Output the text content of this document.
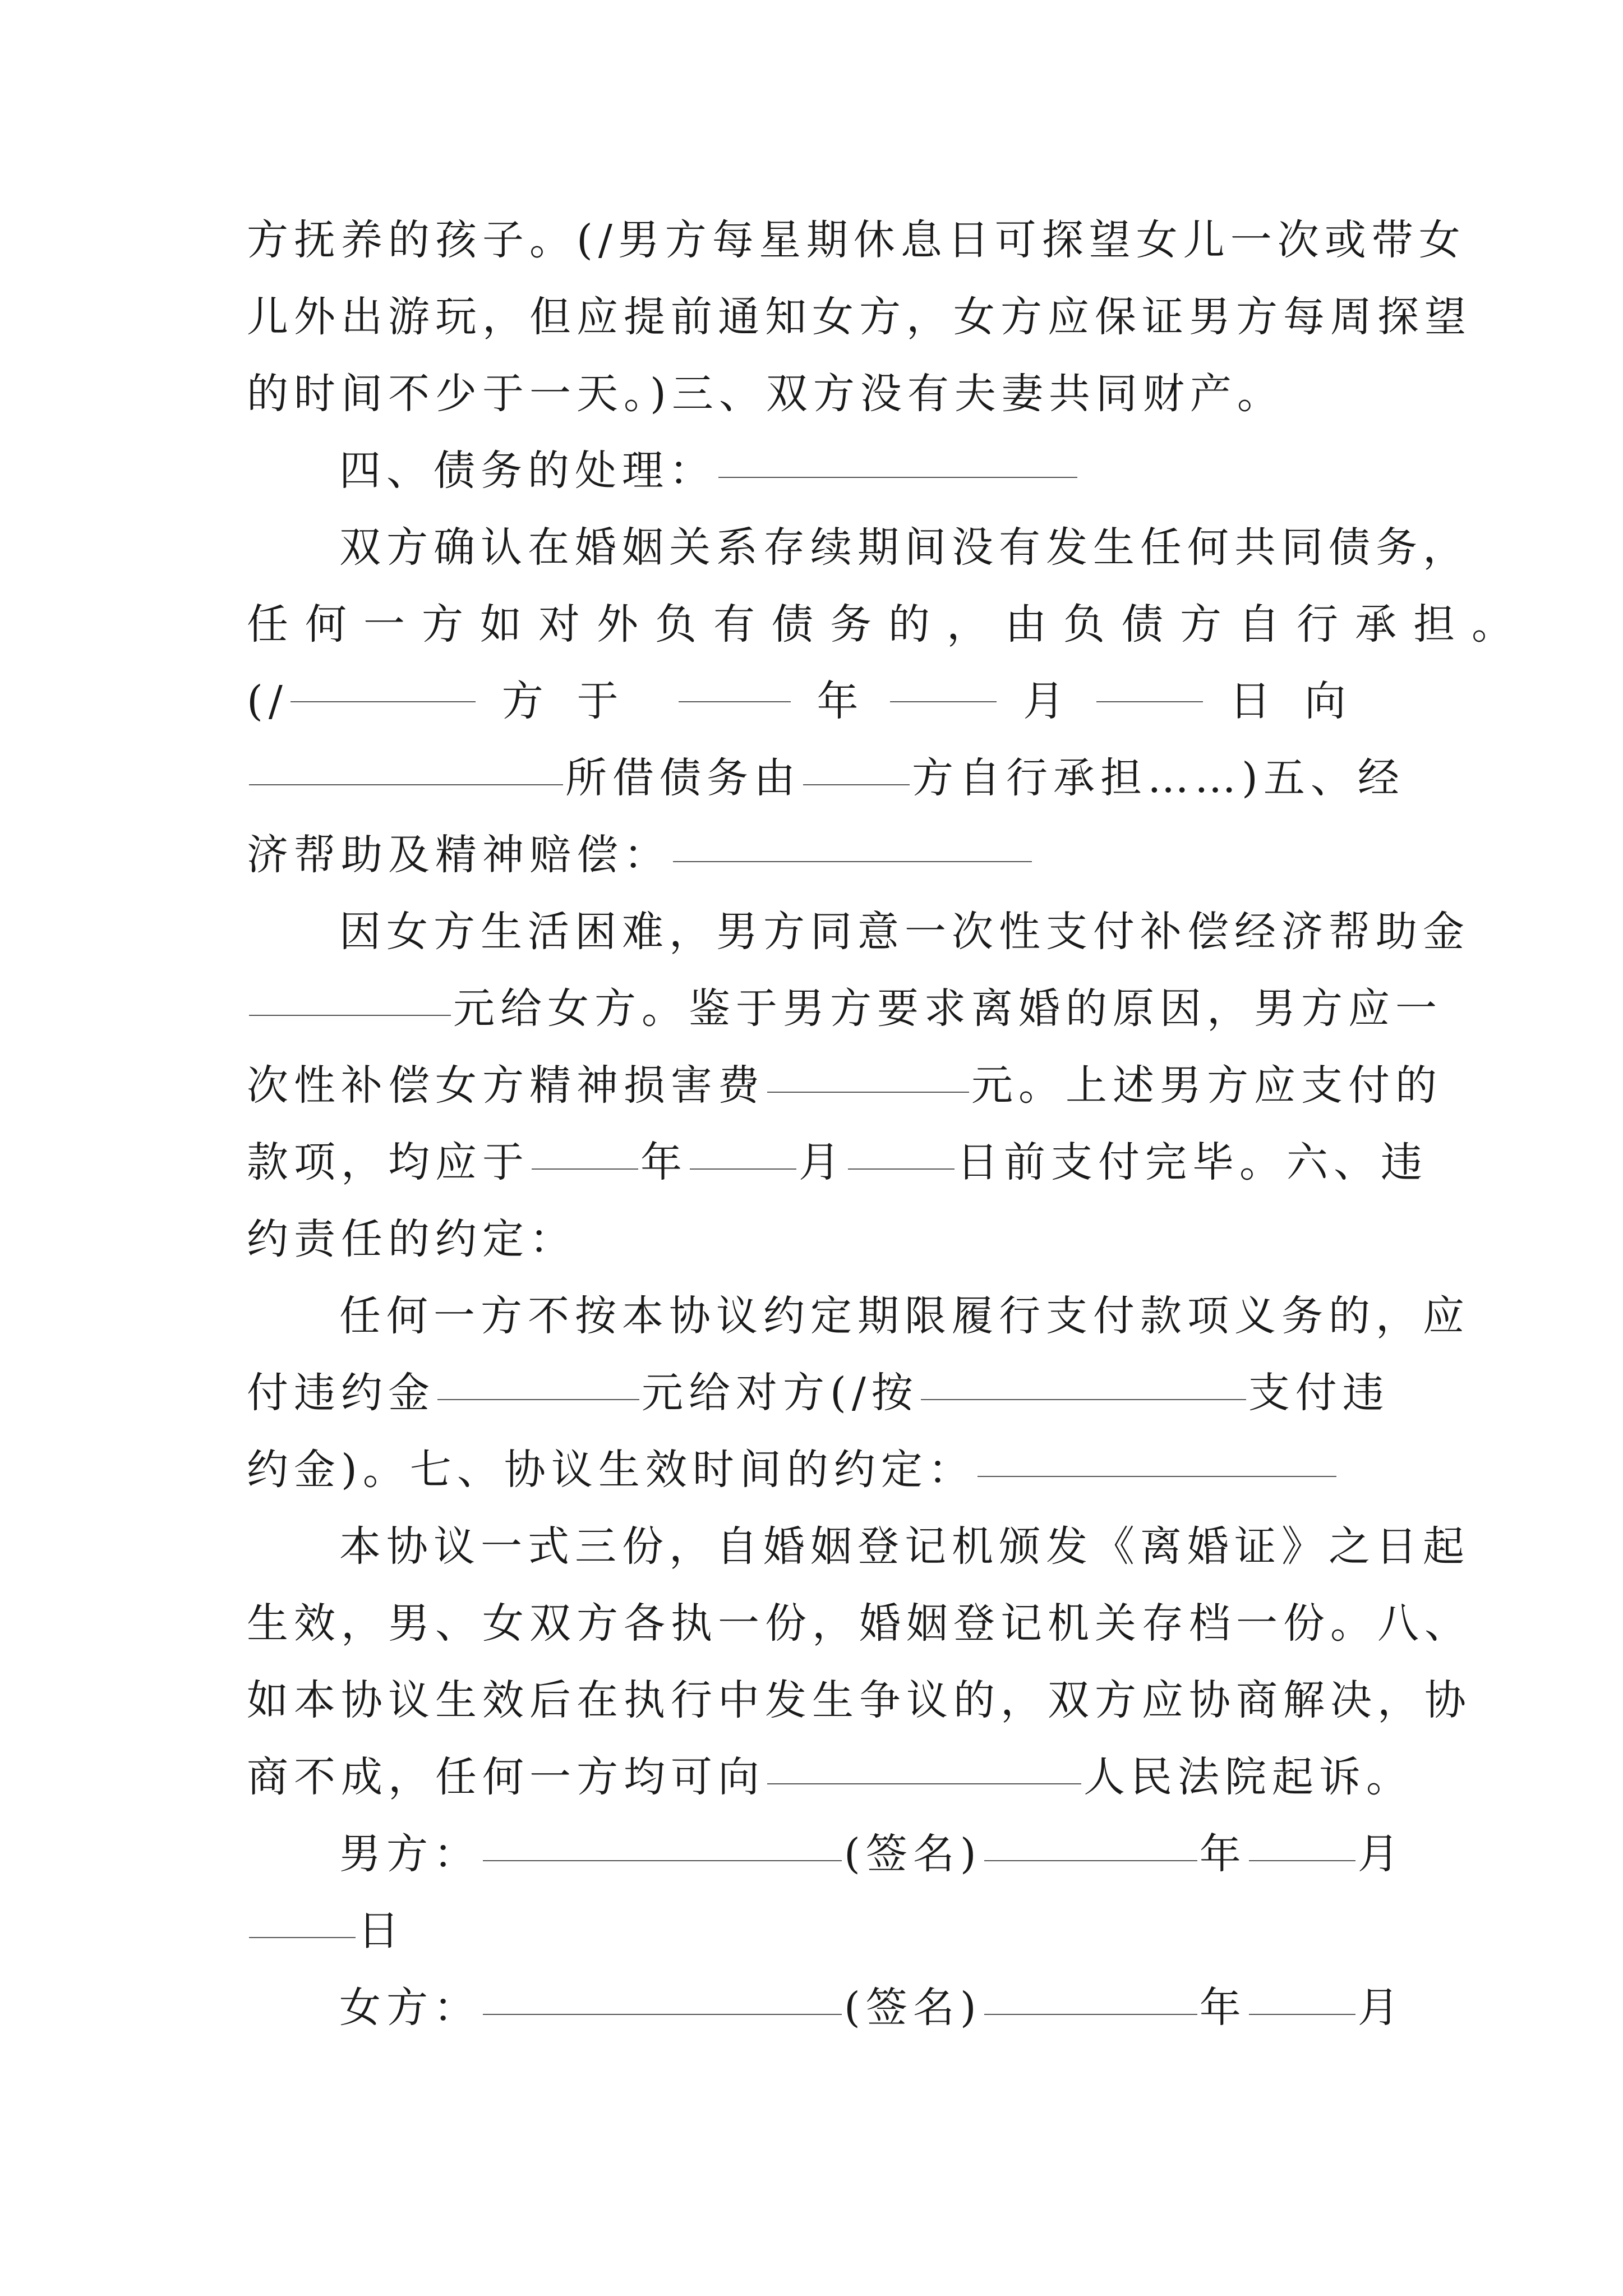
方抚养的孩子。(/男方每星期休息日可探望女儿一次或带女
儿外出游玩，但应提前通知女方，女方应保证男方每周探望
的时间不少于一天。)三、双方没有夫妻共同财产。
四、债务的处理：
双方确认在婚姻关系存续期间没有发生任何共同债务，
任何一方如对外负有债务的，由负债方自行承担。
(/	方于	年	月	日向
所借债务由	方自行承担……)五、经
济帮助及精神赔偿：
因女方生活困难，男方同意一次性支付补偿经济帮助金
元给女方。鉴于男方要求离婚的原因，男方应一
次性补偿女方精神损害费	元。上述男方应支付的
款项，均应于	年	月	日前支付完毕。六、违
约责任的约定：
任何一方不按本协议约定期限履行支付款项义务的，应
付违约金	元给对方(/按	支付违
约金)。七、协议生效时间的约定：
本协议一式三份，自婚姻登记机颁发《离婚证》之日起
生效，男、女双方各执一份，婚姻登记机关存档一份。八、
如本协议生效后在执行中发生争议的，双方应协商解决，协
商不成，任何一方均可向	人民法院起诉。
男方：	(签名)	年	月
日
女方：	(签名)	年	月
